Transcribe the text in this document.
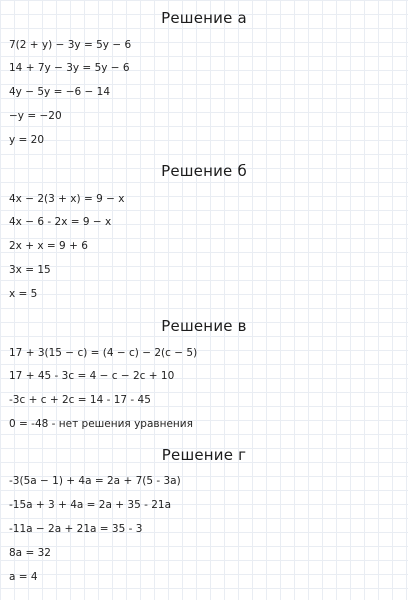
Решение а
7(2 + y) − 3y = 5y − 6
14 + 7y − 3y = 5y − 6
4y − 5y = −6 − 14
−y = −20
y = 20
Решение б
4x − 2(3 + x) = 9 − x
4x − 6 - 2x = 9 − x
2x + x = 9 + 6
3x = 15
x = 5
Решение в
17 + 3(15 − c) = (4 − c) − 2(c − 5)
17 + 45 - 3c = 4 − c − 2c + 10
-3c + c + 2c = 14 - 17 - 45
0 = -48 - нет решения уравнения
Решение г
-3(5a − 1) + 4a = 2a + 7(5 - 3a)
-15a + 3 + 4a = 2a + 35 - 21a
-11a − 2a + 21a = 35 - 3
8a = 32
a = 4
